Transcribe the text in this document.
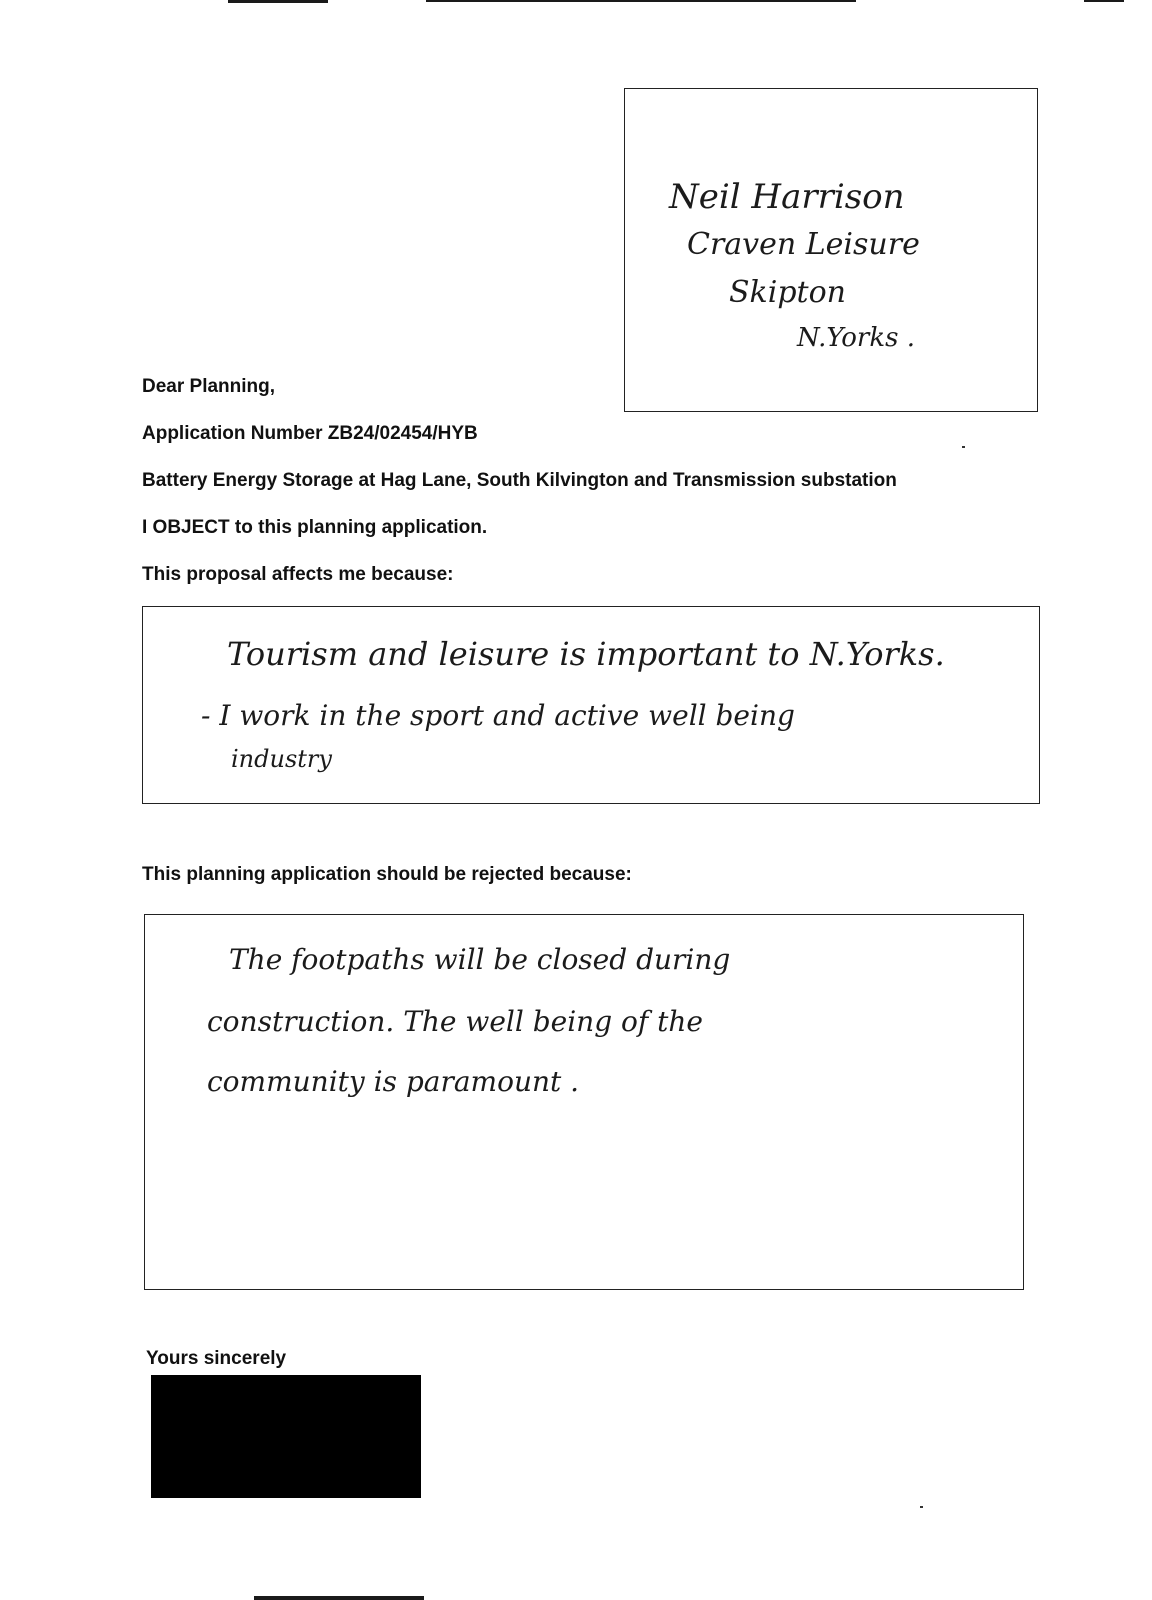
Neil Harrison
Craven Leisure
Skipton
N.Yorks .
Dear Planning,
Application Number ZB24/02454/HYB
Battery Energy Storage at Hag Lane, South Kilvington and Transmission substation
I OBJECT to this planning application.
This proposal affects me because:
Tourism and leisure is important to N.Yorks.
- I work in the sport and active well being
industry
This planning application should be rejected because:
The footpaths will be closed during
construction. The well being of the
community is paramount .
Yours sincerely
